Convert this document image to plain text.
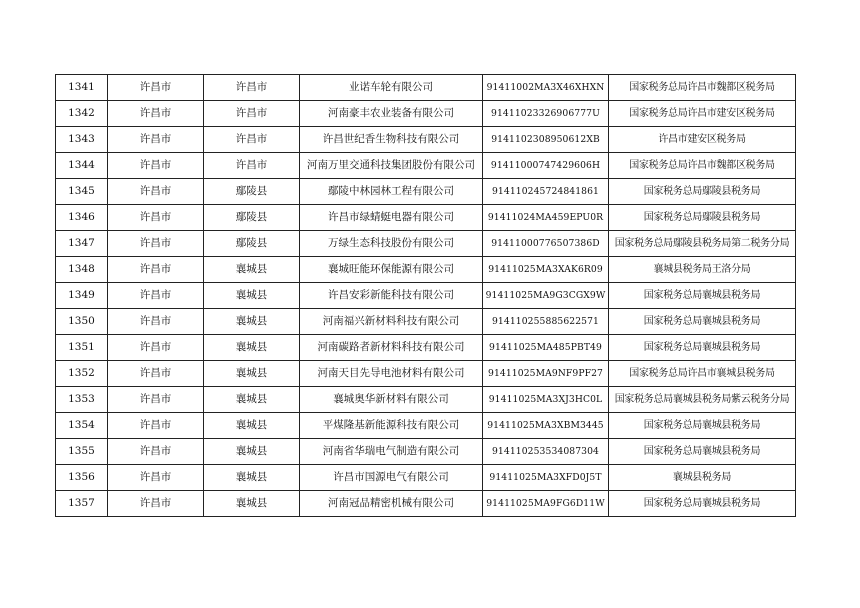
1341	许昌市	许昌市	业诺车轮有限公司	91411002MA3X46XHXN	国家税务总局许昌市魏都区税务局
1342	许昌市	许昌市	河南豪丰农业装备有限公司	91411023326906777U	国家税务总局许昌市建安区税务局
1343	许昌市	许昌市	许昌世纪香生物科技有限公司	9141102308950612XB	许昌市建安区税务局
1344	许昌市	许昌市	河南万里交通科技集团股份有限公司	91411000747429606H	国家税务总局许昌市魏都区税务局
1345	许昌市	鄢陵县	鄢陵中林园林工程有限公司	914110245724841861	国家税务总局鄢陵县税务局
1346	许昌市	鄢陵县	许昌市绿蜻蜓电器有限公司	91411024MA459EPU0R	国家税务总局鄢陵县税务局
1347	许昌市	鄢陵县	万绿生态科技股份有限公司	91411000776507386D	国家税务总局鄢陵县税务局第二税务分局
1348	许昌市	襄城县	襄城旺能环保能源有限公司	91411025MA3XAK6R09	襄城县税务局王洛分局
1349	许昌市	襄城县	许昌安彩新能科技有限公司	91411025MA9G3CGX9W	国家税务总局襄城县税务局
1350	许昌市	襄城县	河南福兴新材料科技有限公司	914110255885622571	国家税务总局襄城县税务局
1351	许昌市	襄城县	河南碳路者新材料科技有限公司	91411025MA485PBT49	国家税务总局襄城县税务局
1352	许昌市	襄城县	河南天目先导电池材料有限公司	91411025MA9NF9PF27	国家税务总局许昌市襄城县税务局
1353	许昌市	襄城县	襄城奥华新材料有限公司	91411025MA3XJ3HC0L	国家税务总局襄城县税务局紫云税务分局
1354	许昌市	襄城县	平煤隆基新能源科技有限公司	91411025MA3XBM3445	国家税务总局襄城县税务局
1355	许昌市	襄城县	河南省华瑞电气制造有限公司	914110253534087304	国家税务总局襄城县税务局
1356	许昌市	襄城县	许昌市国源电气有限公司	91411025MA3XFD0J5T	襄城县税务局
1357	许昌市	襄城县	河南冠品精密机械有限公司	91411025MA9FG6D11W	国家税务总局襄城县税务局
